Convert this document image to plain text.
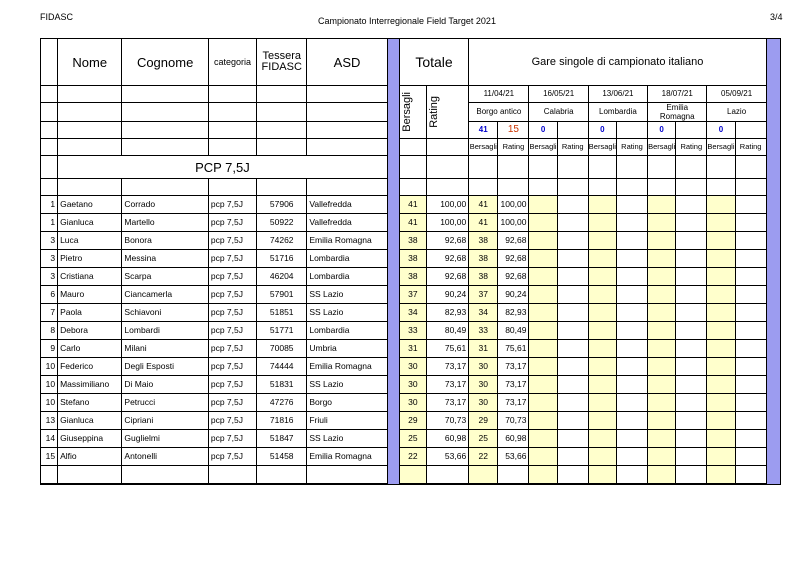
FIDASC	Campionato Interregionale Field Target 2021	3/4
	Nome	Cognome	categoria	Tessera FIDASC	ASD		Totale		Gare singole di campionato italiano										

							Bersagli	Rating	11/04/21		16/05/21		13/06/21		18/07/21		05/09/21		
									Borgo antico		Calabria		Lombardia		Emilia Romagna		Lazio		
									41	15	0		0		0		0		
									Bersagli	Rating	Bersagli	Rating	Bersagli	Rating	Bersagli	Rating	Bersagli	Rating	
	PCP 7,5J																		

1	Gaetano	Corrado	pcp 7,5J	57906	Vallefredda		41	100,00	41	100,00									
1	Gianluca	Martello	pcp 7,5J	50922	Vallefredda		41	100,00	41	100,00									
3	Luca	Bonora	pcp 7,5J	74262	Emilia Romagna		38	92,68	38	92,68									
3	Pietro	Messina	pcp 7,5J	51716	Lombardia		38	92,68	38	92,68									
3	Cristiana	Scarpa	pcp 7,5J	46204	Lombardia		38	92,68	38	92,68									
6	Mauro	Ciancamerla	pcp 7,5J	57901	SS Lazio		37	90,24	37	90,24									
7	Paola	Schiavoni	pcp 7,5J	51851	SS Lazio		34	82,93	34	82,93									
8	Debora	Lombardi	pcp 7,5J	51771	Lombardia		33	80,49	33	80,49									
9	Carlo	Milani	pcp 7,5J	70085	Umbria		31	75,61	31	75,61									
10	Federico	Degli Esposti	pcp 7,5J	74444	Emilia Romagna		30	73,17	30	73,17									
10	Massimiliano	Di Maio	pcp 7,5J	51831	SS Lazio		30	73,17	30	73,17									
10	Stefano	Petrucci	pcp 7,5J	47276	Borgo		30	73,17	30	73,17									
13	Gianluca	Cipriani	pcp 7,5J	71816	Friuli		29	70,73	29	70,73									
14	Giuseppina	Guglielmi	pcp 7,5J	51847	SS Lazio		25	60,98	25	60,98									
15	Alfio	Antonelli	pcp 7,5J	51458	Emilia Romagna		22	53,66	22	53,66									
